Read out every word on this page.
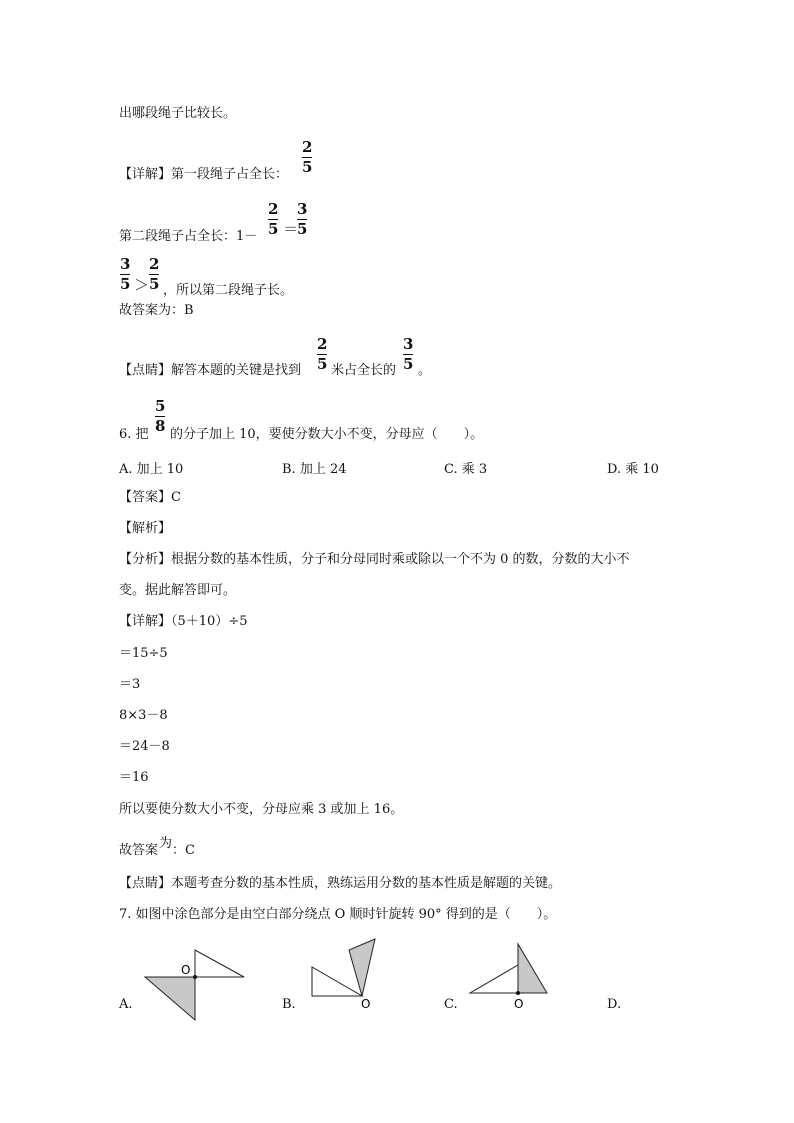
出哪段绳子比较长。
【详解】第一段绳子占全长：
2
5
第二段绳子占全长：1－
2
5 ＝
3
5
3
5 ＞
2
5 ，所以第二段绳子长。
故答案为：B
【点睛】解答本题的关键是找到
2
5 米占全长的
3
5 。
6. 把
5
8 的分子加上 10，要使分数大小不变，分母应（　　）。
A. 加上 10	B. 加上 24	C. 乘 3	D. 乘 10
【答案】C
【解析】
【分析】根据分数的基本性质，分子和分母同时乘或除以一个不为 0 的数，分数的大小不
变。据此解答即可。
【详解】（5＋10）÷5
＝15÷5
＝3
8×3－8
＝24－8
＝16
所以要使分数大小不变，分母应乘 3 或加上 16。
故答案 为 ：C
【点睛】本题考查分数的基本性质，熟练运用分数的基本性质是解题的关键。
7. 如图中涂色部分是由空白部分绕点 O 顺时针旋转 90° 得到的是（　　）。
O
A.	O
B.	O
C.	D.
